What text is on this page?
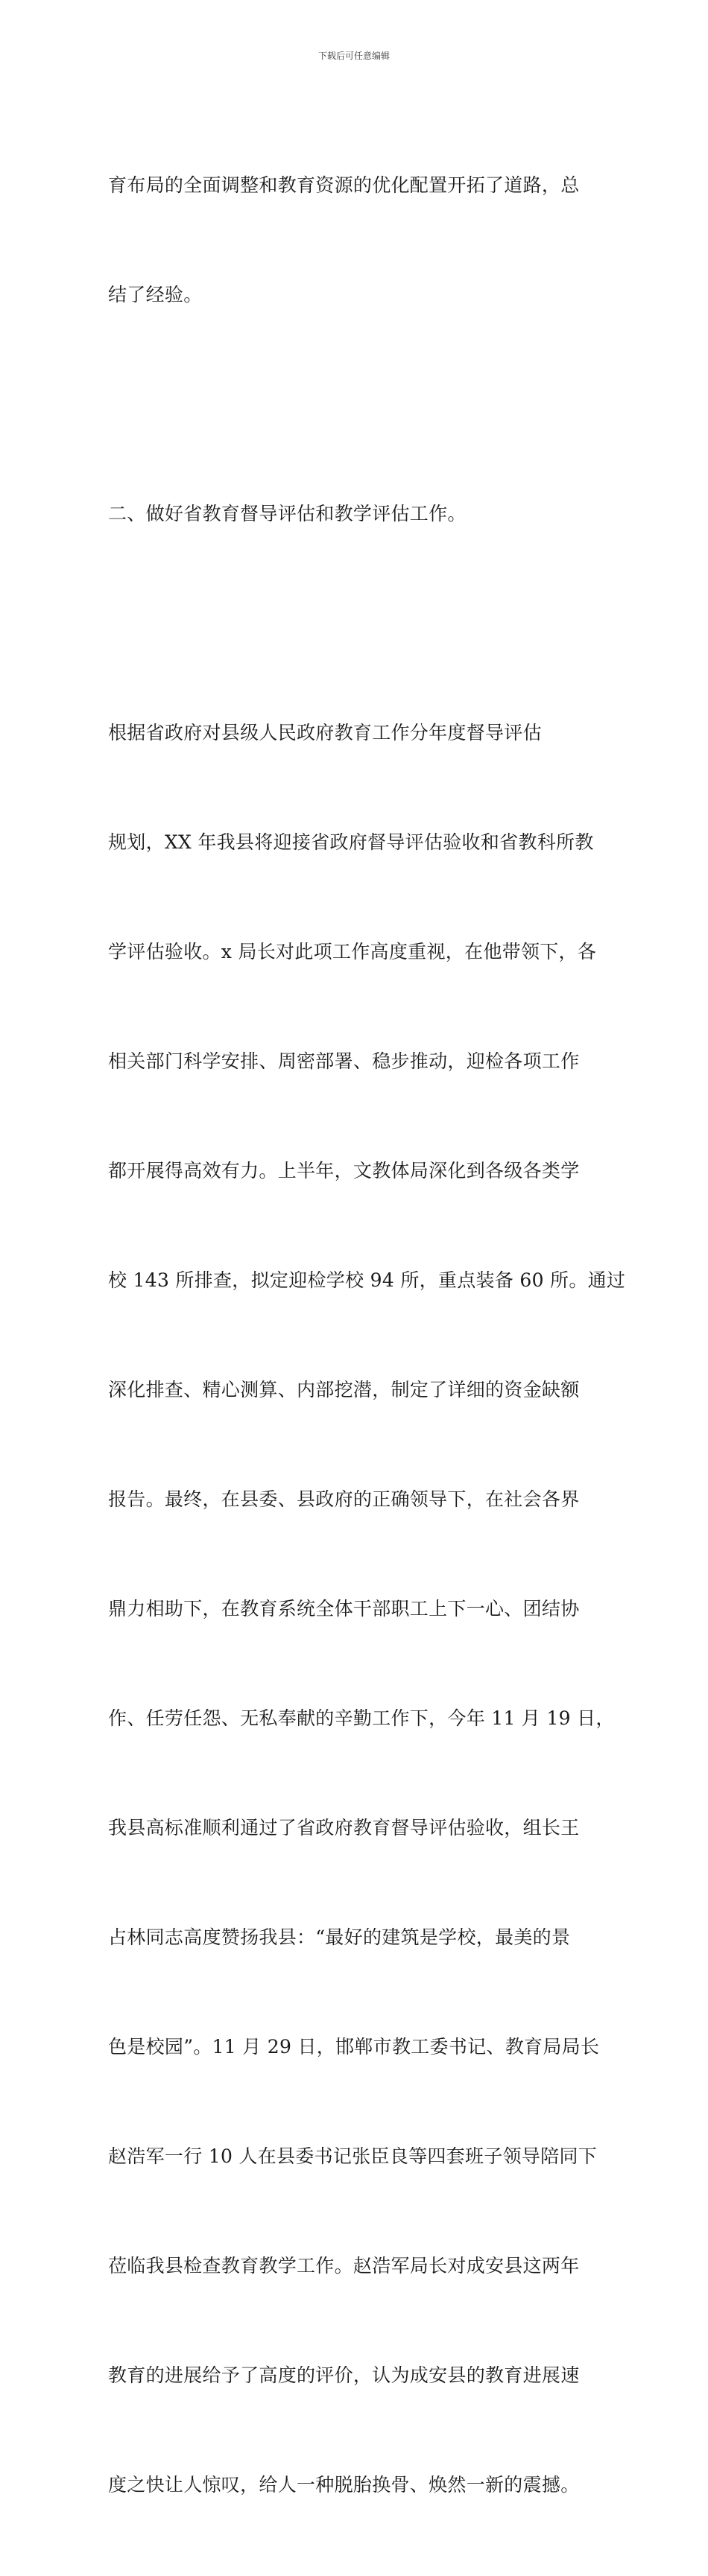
下载后可任意编辑

育布局的全面调整和教育资源的优化配置开拓了道路，总

结了经验。

二、做好省教育督导评估和教学评估工作。

根据省政府对县级人民政府教育工作分年度督导评估

规划，XX 年我县将迎接省政府督导评估验收和省教科所教

学评估验收。x 局长对此项工作高度重视，在他带领下，各

相关部门科学安排、周密部署、稳步推动，迎检各项工作

都开展得高效有力。上半年，文教体局深化到各级各类学

校 143 所排查，拟定迎检学校 94 所，重点装备 60 所。通过

深化排查、精心测算、内部挖潜，制定了详细的资金缺额

报告。最终，在县委、县政府的正确领导下，在社会各界

鼎力相助下，在教育系统全体干部职工上下一心、团结协

作、任劳任怨、无私奉献的辛勤工作下，今年 11 月 19 日，

我县高标准顺利通过了省政府教育督导评估验收，组长王

占林同志高度赞扬我县：“最好的建筑是学校，最美的景

色是校园”。11 月 29 日，邯郸市教工委书记、教育局局长

赵浩军一行 10 人在县委书记张臣良等四套班子领导陪同下

莅临我县检查教育教学工作。赵浩军局长对成安县这两年

教育的进展给予了高度的评价，认为成安县的教育进展速

度之快让人惊叹，给人一种脱胎换骨、焕然一新的震撼。
